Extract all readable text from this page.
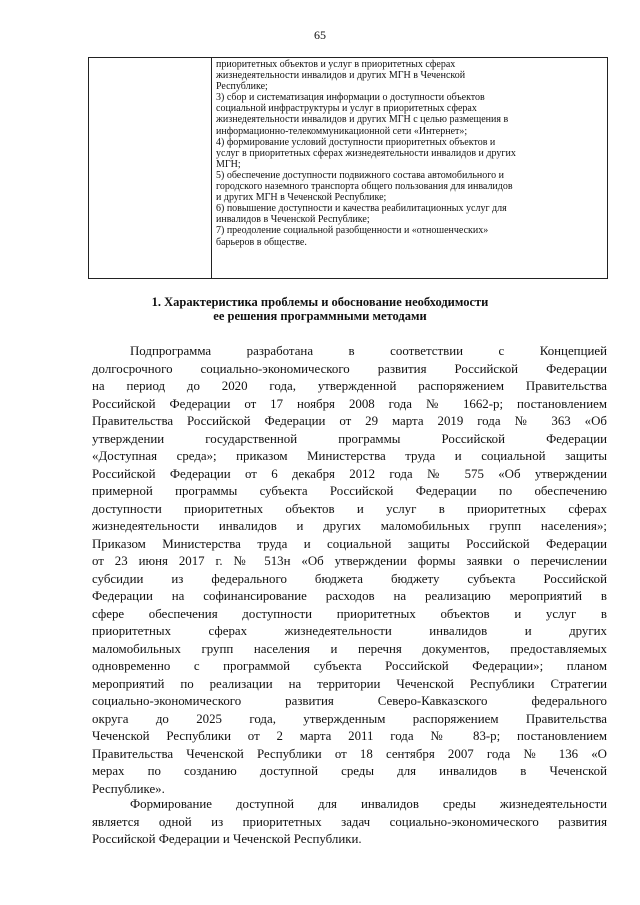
65
приоритетных объектов и услуг в приоритетных сферах
жизнедеятельности инвалидов и других МГН в Чеченской
Республике;
3) сбор и систематизация информации о доступности объектов
социальной инфраструктуры и услуг в приоритетных сферах
жизнедеятельности инвалидов и других МГН с целью размещения в
информационно-телекоммуникационной сети «Интернет»;
4) формирование условий доступности приоритетных объектов и
услуг в приоритетных сферах жизнедеятельности инвалидов и других
МГН;
5) обеспечение доступности подвижного состава автомобильного и
городского наземного транспорта общего пользования для инвалидов
и других МГН в Чеченской Республике;
6) повышение доступности и качества реабилитационных услуг для
инвалидов в Чеченской Республике;
7) преодоление социальной разобщенности и «отношенческих»
барьеров в обществе.
1. Характеристика проблемы и обоснование необходимости
ее решения программными методами
Подпрограмма разработана в соответствии с Концепцией
долгосрочного социально-экономического развития Российской Федерации
на период до 2020 года, утвержденной распоряжением Правительства
Российской Федерации от 17 ноября 2008 года № 1662-р; постановлением
Правительства Российской Федерации от 29 марта 2019 года № 363 «Об
утверждении государственной программы Российской Федерации
«Доступная среда»; приказом Министерства труда и социальной защиты
Российской Федерации от 6 декабря 2012 года № 575 «Об утверждении
примерной программы субъекта Российской Федерации по обеспечению
доступности приоритетных объектов и услуг в приоритетных сферах
жизнедеятельности инвалидов и других маломобильных групп населения»;
Приказом Министерства труда и социальной защиты Российской Федерации
от 23 июня 2017 г. № 513н «Об утверждении формы заявки о перечислении
субсидии из федерального бюджета бюджету субъекта Российской
Федерации на софинансирование расходов на реализацию мероприятий в
сфере обеспечения доступности приоритетных объектов и услуг в
приоритетных сферах жизнедеятельности инвалидов и других
маломобильных групп населения и перечня документов, предоставляемых
одновременно с программой субъекта Российской Федерации»; планом
мероприятий по реализации на территории Чеченской Республики Стратегии
социально-экономического развития Северо-Кавказского федерального
округа до 2025 года, утвержденным распоряжением Правительства
Чеченской Республики от 2 марта 2011 года № 83-р; постановлением
Правительства Чеченской Республики от 18 сентября 2007 года № 136 «О
мерах по созданию доступной среды для инвалидов в Чеченской
Республике».
Формирование доступной для инвалидов среды жизнедеятельности
является одной из приоритетных задач социально-экономического развития
Российской Федерации и Чеченской Республики.
